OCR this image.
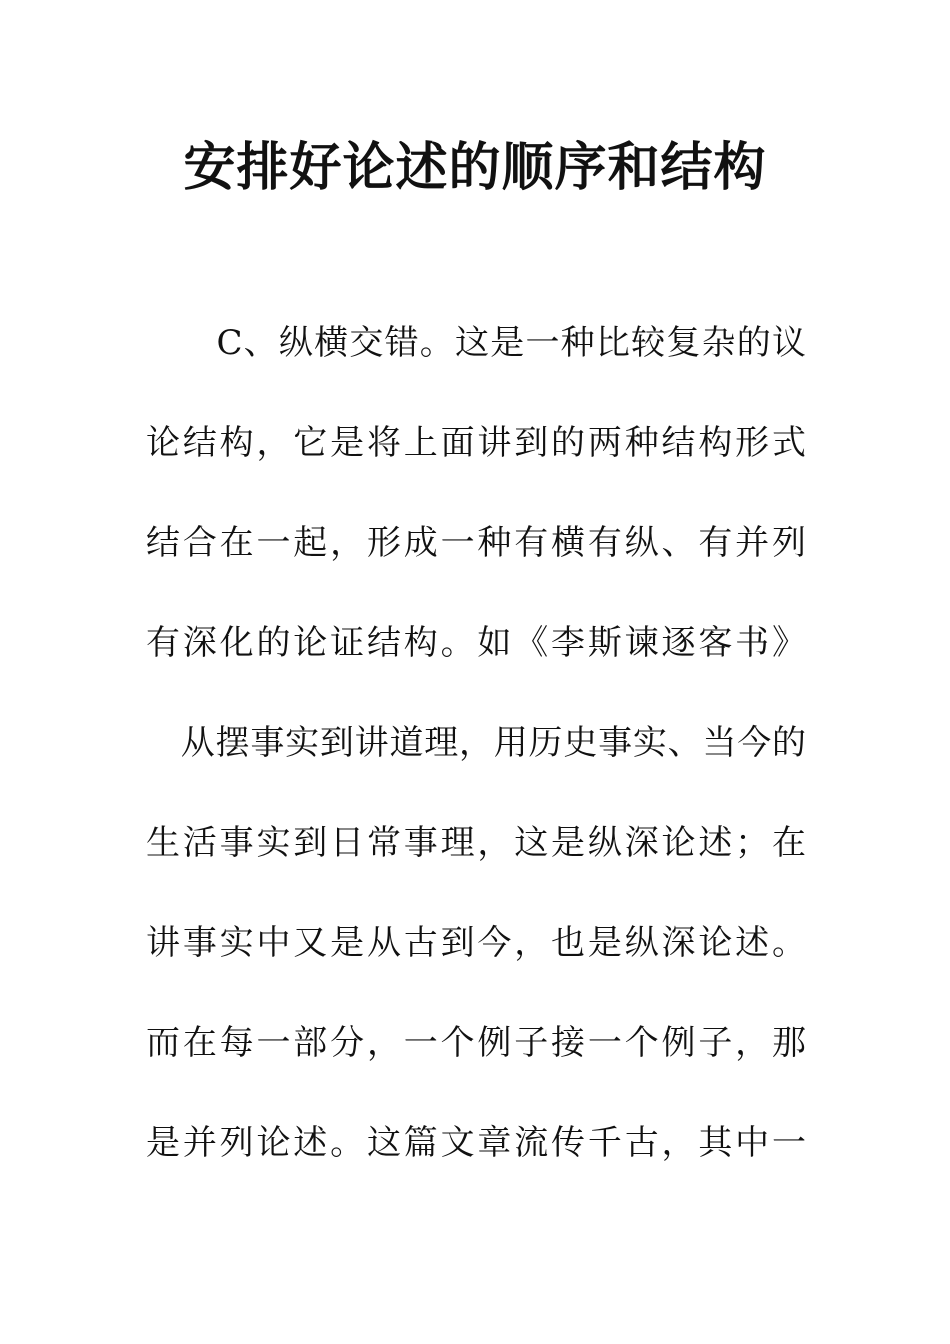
安排好论述的顺序和结构
　　C、纵横交错。这是一种比较复杂的议
论结构，它是将上面讲到的两种结构形式
结合在一起，形成一种有横有纵、有并列
有深化的论证结构。如《李斯谏逐客书》
　从摆事实到讲道理，用历史事实、当今的
生活事实到日常事理，这是纵深论述；在
讲事实中又是从古到今，也是纵深论述。
而在每一部分，一个例子接一个例子，那
是并列论述。这篇文章流传千古，其中一
